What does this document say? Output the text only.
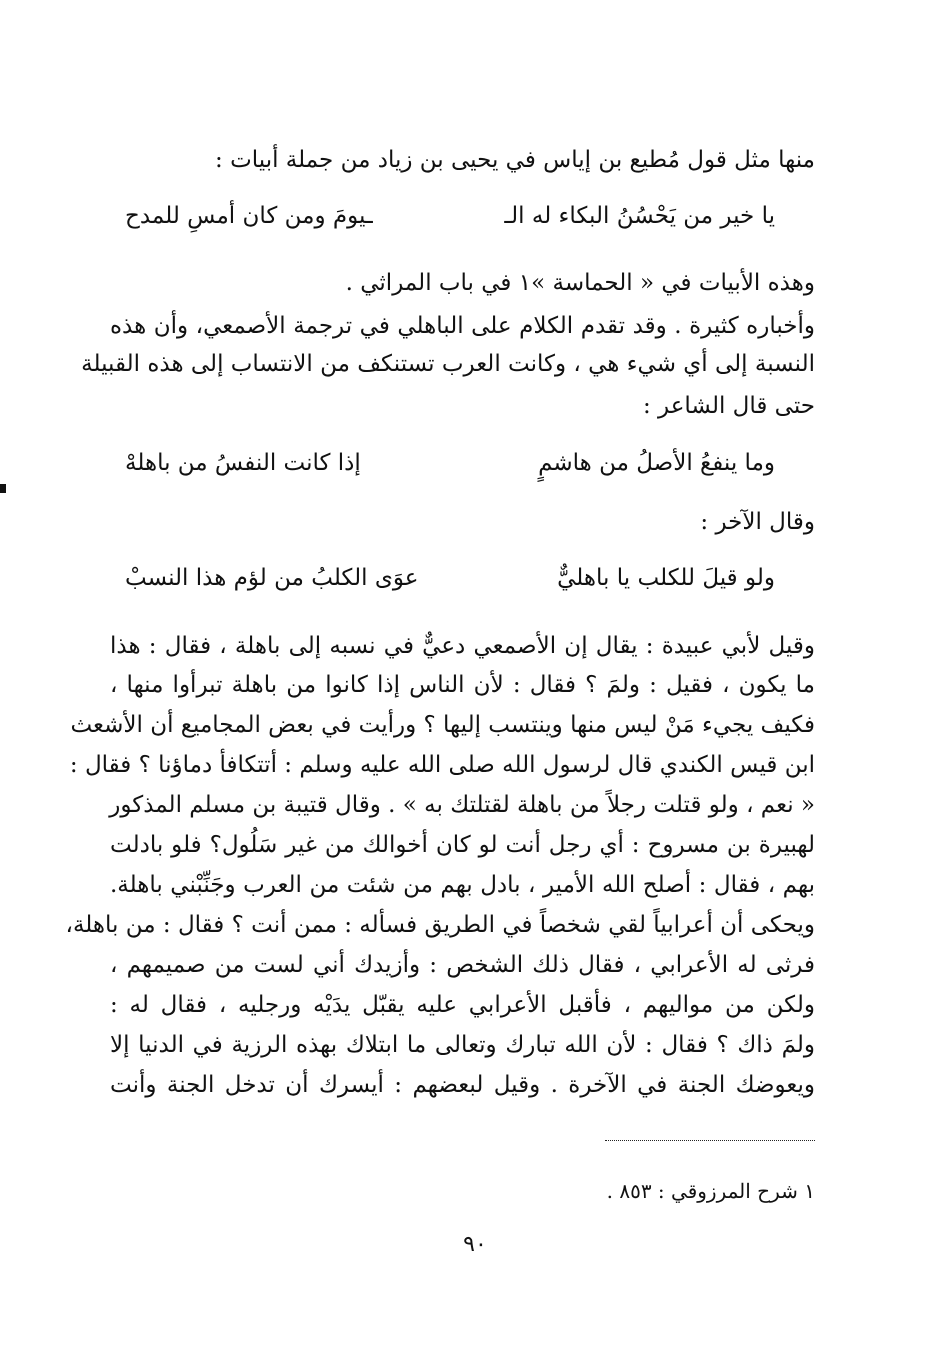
منها مثل قول مُطيع بن إياس في يحيى بن زياد من جملة أبيات :
يا خير من يَحْسُنُ البكاء له الـ
ـيومَ ومن كان أمسِ للمدح
وهذه الأبيات في « الحماسة »١ في باب المراثي .
وأخباره كثيرة . وقد تقدم الكلام على الباهلي في ترجمة الأصمعي، وأن هذه
النسبة إلى أي شيء هي ، وكانت العرب تستنكف من الانتساب إلى هذه القبيلة
حتى قال الشاعر :
وما ينفعُ الأصلُ من هاشمٍ
إذا كانت النفسُ من باهلهْ
وقال الآخر :
ولو قيلَ للكلب يا باهليٌّ
عوَى الكلبُ من لؤم هذا النسبْ
وقيل لأبي عبيدة : يقال إن الأصمعي دعيٌّ في نسبه إلى باهلة ، فقال : هذا
ما يكون ، فقيل : ولمَ ؟ فقال : لأن الناس إذا كانوا من باهلة تبرأوا منها ،
فكيف يجيء مَنْ ليس منها وينتسب إليها ؟ ورأيت في بعض المجاميع أن الأشعث
ابن قيس الكندي قال لرسول الله صلى الله عليه وسلم : أتتكافأ دماؤنا ؟ فقال :
« نعم ، ولو قتلت رجلاً من باهلة لقتلتك به » . وقال قتيبة بن مسلم المذكور
لهبيرة بن مسروح : أي رجل أنت لو كان أخوالك من غير سَلُول؟ فلو بادلت
بهم ، فقال : أصلح الله الأمير ، بادل بهم من شئت من العرب وجَنِّبْني باهلة.
ويحكى أن أعرابياً لقي شخصاً في الطريق فسأله : ممن أنت ؟ فقال : من باهلة،
فرثى له الأعرابي ، فقال ذلك الشخص : وأزيدك أني لست من صميمهم ،
ولكن من مواليهم ، فأقبل الأعرابي عليه يقبّل يدَيْه ورجليه ، فقال له :
ولمَ ذاك ؟ فقال : لأن الله تبارك وتعالى ما ابتلاك بهذه الرزية في الدنيا إلا
ويعوضك الجنة في الآخرة . وقيل لبعضهم : أيسرك أن تدخل الجنة وأنت
١ شرح المرزوقي : ٨٥٣ .
٩٠
